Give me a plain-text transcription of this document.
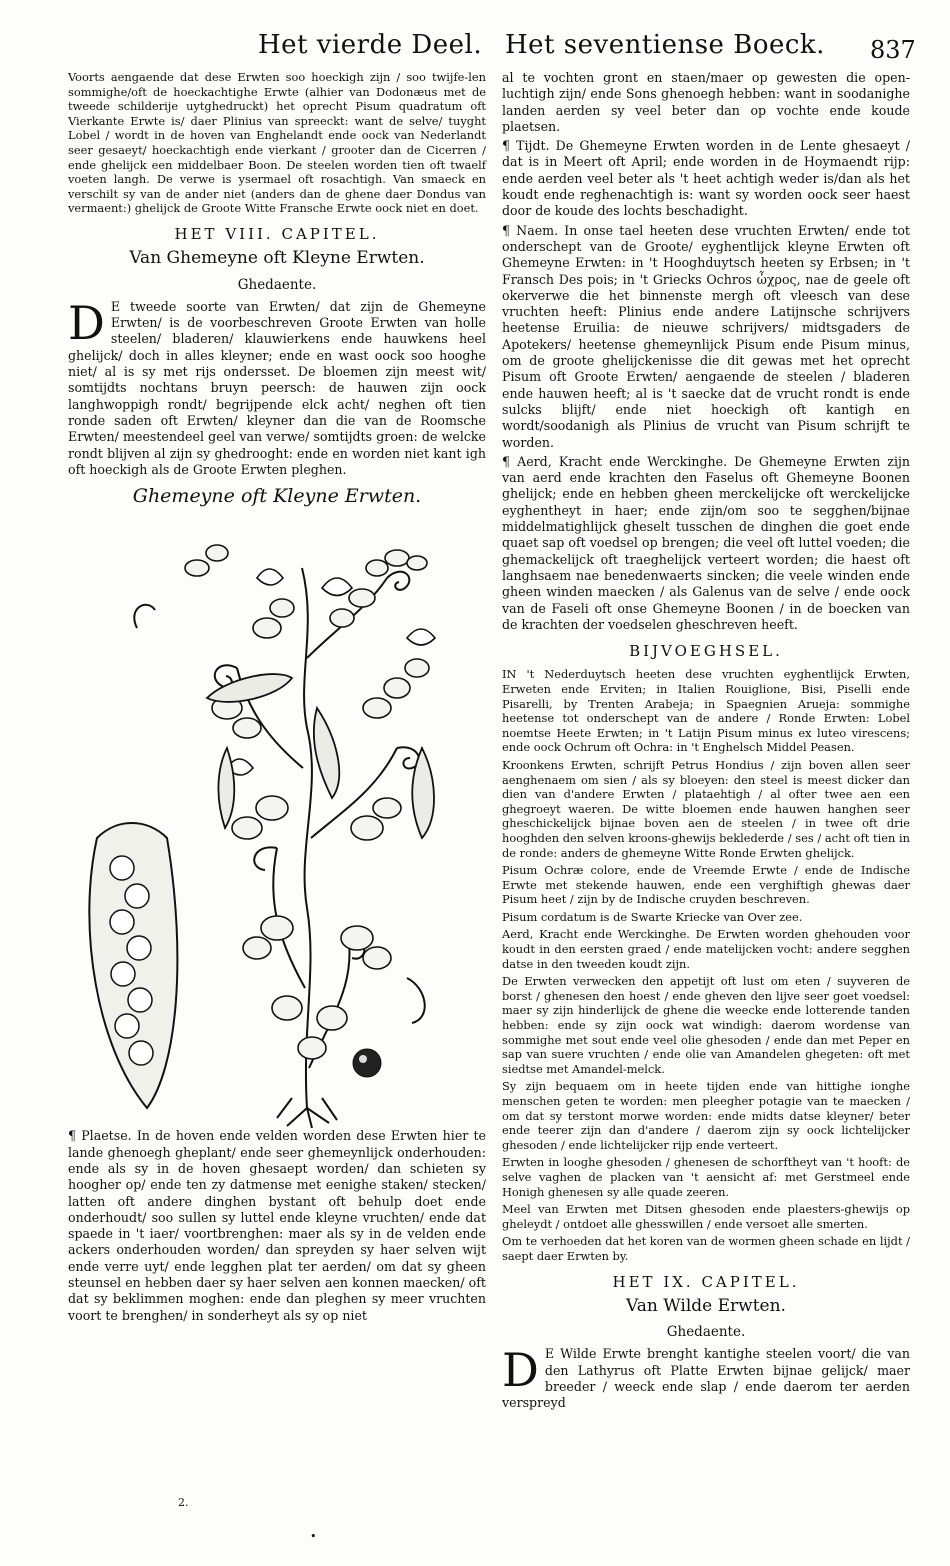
Het vierde Deel. Het seventiense Boeck. 837

Voorts aengaende dat dese Erwten soo hoeckigh zijn / soo twijfe-len sommighe/oft de hoeckachtighe Erwte (alhier van Dodonæus met de tweede schilderije uytghedruckt) het oprecht Pisum quadratum oft Vierkante Erwte is/ daer Plinius van spreeckt: want de selve/ tuyght Lobel / wordt in de hoven van Enghelandt ende oock van Nederlandt seer gesaeyt/ hoeckachtigh ende vierkant / grooter dan de Cicerren / ende ghelijck een middelbaer Boon. De steelen worden tien oft twaelf voeten langh. De verwe is ysermael oft rosachtigh. Van smaeck en verschilt sy van de ander niet (anders dan de ghene daer Dondus van vermaent:) ghelijck de Groote Witte Fransche Erwte oock niet en doet.

HET VIII. CAPITEL.
Van Ghemeyne oft Kleyne Erwten.
Ghedaente.

D E tweede soorte van Erwten/ dat zijn de Ghemeyne Erwten/ is de voorbeschreven Groote Erwten van holle steelen/ bladeren/ klauwierkens ende hauwkens heel ghelijck/ doch in alles kleyner; ende en wast oock soo hooghe niet/ al is sy met rijs ondersset. De bloemen zijn meest wit/ somtijdts nochtans bruyn peersch: de hauwen zijn oock langhwoppigh rondt/ begrijpende elck acht/ neghen oft tien ronde saden oft Erwten/ kleyner dan die van de Roomsche Erwten/ meestendeel geel van verwe/ somtijdts groen: de welcke rondt blijven al zijn sy ghedrooght: ende en worden niet kant igh oft hoeckigh als de Groote Erwten pleghen.

Ghemeyne oft Kleyne Erwten.

¶ Plaetse. In de hoven ende velden worden dese Erwten hier te lande ghenoegh gheplant/ ende seer ghemeynlijck onderhouden: ende als sy in de hoven ghesaept worden/ dan schieten sy hoogher op/ ende ten zy datmense met eenighe staken/ stecken/ latten oft andere dinghen bystant oft behulp doet ende onderhoudt/ soo sullen sy luttel ende kleyne vruchten/ ende dat spaede in 't iaer/ voortbrenghen: maer als sy in de velden ende ackers onderhouden worden/ dan spreyden sy haer selven wijt ende verre uyt/ ende legghen plat ter aerden/ om dat sy gheen steunsel en hebben daer sy haer selven aen konnen maecken/ oft dat sy beklimmen moghen: ende dan pleghen sy meer vruchten voort te brenghen/ in sonderheyt als sy op niet

al te vochten gront en staen/maer op gewesten die open-luchtigh zijn/ ende Sons ghenoegh hebben: want in soodanighe landen aerden sy veel beter dan op vochte ende koude plaetsen.

¶ Tijdt. De Ghemeyne Erwten worden in de Lente ghesaeyt / dat is in Meert oft April; ende worden in de Hoymaendt rijp: ende aerden veel beter als 't heet achtigh weder is/dan als het koudt ende reghenachtigh is: want sy worden oock seer haest door de koude des lochts beschadight.

¶ Naem. In onse tael heeten dese vruchten Erwten/ ende tot onderschept van de Groote/ eyghentlijck kleyne Erwten oft Ghemeyne Erwten: in 't Hooghduytsch heeten sy Erbsen; in 't Fransch Des pois; in 't Griecks Ochros ὦχρος, nae de geele oft okerverwe die het binnenste mergh oft vleesch van dese vruchten heeft: Plinius ende andere Latijnsche schrijvers heetense Eruilia: de nieuwe schrijvers/ midtsgaders de Apotekers/ heetense ghemeynlijck Pisum ende Pisum minus, om de groote ghelijckenisse die dit gewas met het oprecht Pisum oft Groote Erwten/ aengaende de steelen / bladeren ende hauwen heeft; al is 't saecke dat de vrucht rondt is ende sulcks blijft/ ende niet hoeckigh oft kantigh en wordt/soodanigh als Plinius de vrucht van Pisum schrijft te worden.

¶ Aerd, Kracht ende Werckinghe. De Ghemeyne Erwten zijn van aerd ende krachten den Faselus oft Ghemeyne Boonen ghelijck; ende en hebben gheen merckelijcke oft werckelijcke eyghentheyt in haer; ende zijn/om soo te segghen/bijnae middelmatighlijck gheselt tusschen de dinghen die goet ende quaet sap oft voedsel op brengen; die veel oft luttel voeden; die ghemackelijck oft traeghelijck verteert worden; die haest oft langhsaem nae benedenwaerts sincken; die veele winden ende gheen winden maecken / als Galenus van de selve / ende oock van de Faseli oft onse Ghemeyne Boonen / in de boecken van de krachten der voedselen gheschreven heeft.

BIJVOEGHSEL.

IN 't Nederduytsch heeten dese vruchten eyghentlijck Erwten, Erweten ende Erviten; in Italien Rouiglione, Bisi, Piselli ende Pisarelli, by Trenten Arabeja; in Spaegnien Arueja: sommighe heetense tot onderschept van de andere / Ronde Erwten: Lobel noemtse Heete Erwten; in 't Latijn Pisum minus ex luteo virescens; ende oock Ochrum oft Ochra: in 't Enghelsch Middel Peasen.

Kroonkens Erwten, schrijft Petrus Hondius / zijn boven allen seer aenghenaem om sien / als sy bloeyen: den steel is meest dicker dan dien van d'andere Erwten / plataehtigh / al ofter twee aen een ghegroeyt waeren. De witte bloemen ende hauwen hanghen seer gheschickelijck bijnae boven aen de steelen / in twee oft drie hooghden den selven kroons-ghewijs beklederde / ses / acht oft tien in de ronde: anders de ghemeyne Witte Ronde Erwten ghelijck.

Pisum Ochræ colore, ende de Vreemde Erwte / ende de Indische Erwte met stekende hauwen, ende een verghiftigh ghewas daer Pisum heet / zijn by de Indische cruyden beschreven.

Pisum cordatum is de Swarte Kriecke van Over zee.

Aerd, Kracht ende Werckinghe. De Erwten worden ghehouden voor koudt in den eersten graed / ende matelijcken vocht: andere segghen datse in den tweeden koudt zijn.

De Erwten verwecken den appetijt oft lust om eten / suyveren de borst / ghenesen den hoest / ende gheven den lijve seer goet voedsel: maer sy zijn hinderlijck de ghene die weecke ende lotterende tanden hebben: ende sy zijn oock wat windigh: daerom wordense van sommighe met sout ende veel olie ghesoden / ende dan met Peper en sap van suere vruchten / ende olie van Amandelen ghegeten: oft met siedtse met Amandel-melck.

Sy zijn bequaem om in heete tijden ende van hittighe ionghe menschen geten te worden: men pleegher potagie van te maecken / om dat sy terstont morwe worden: ende midts datse kleyner/ beter ende teerer zijn dan d'andere / daerom zijn sy oock lichtelijcker ghesoden / ende lichtelijcker rijp ende verteert.

Erwten in looghe ghesoden / ghenesen de schorftheyt van 't hooft: de selve vaghen de placken van 't aensicht af: met Gerstmeel ende Honigh ghenesen sy alle quade zeeren.

Meel van Erwten met Ditsen ghesoden ende plaesters-ghewijs op gheleydt / ontdoet alle ghesswillen / ende versoet alle smerten.

Om te verhoeden dat het koren van de wormen gheen schade en lijdt / saept daer Erwten by.

HET IX. CAPITEL.
Van Wilde Erwten.
Ghedaente.

D E Wilde Erwte brenght kantighe steelen voort/ die van den Lathyrus oft Platte Erwten bijnae gelijck/ maer breeder / weeck ende slap / ende daerom ter aerden verspreyd

2.
•
